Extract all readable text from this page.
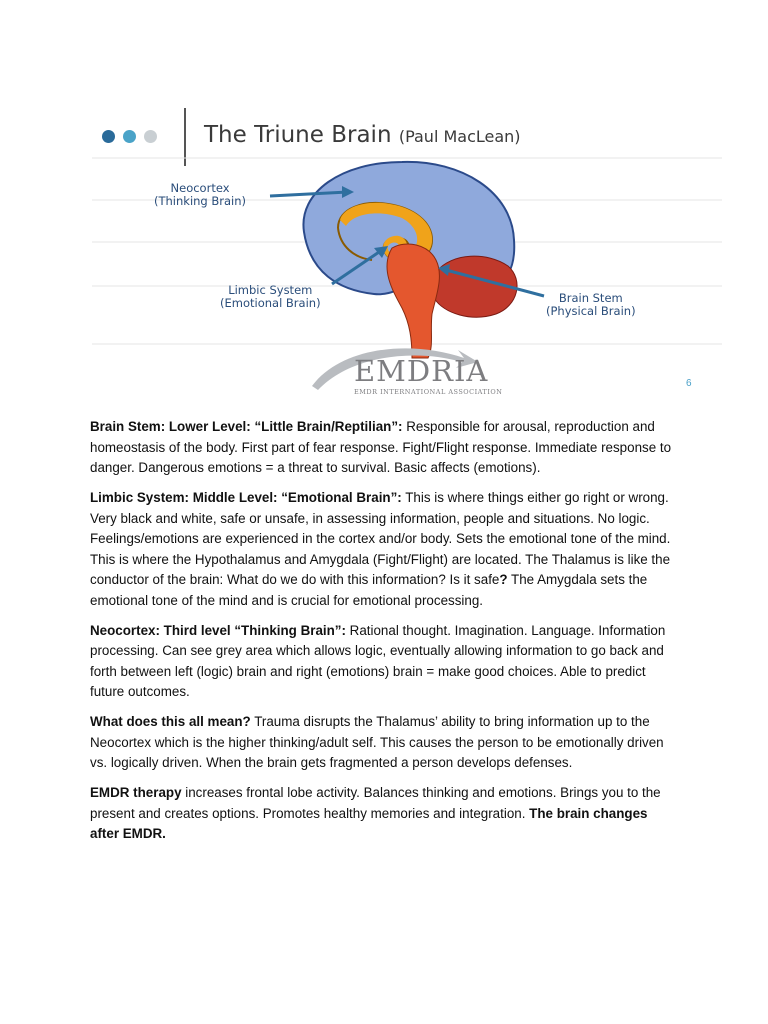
The Triune Brain (Paul MacLean)
Neocortex
(Thinking Brain)
Limbic System
(Emotional Brain)	Brain Stem
(Physical Brain)
EMDRIA
EMDR INTERNATIONAL ASSOCIATION
6

Brain Stem: Lower Level: “Little Brain/Reptilian”: Responsible for arousal, reproduction and homeostasis of the body. First part of fear response. Fight/Flight response. Immediate response to danger. Dangerous emotions = a threat to survival. Basic affects (emotions).

Limbic System: Middle Level: “Emotional Brain”: This is where things either go right or wrong. Very black and white, safe or unsafe, in assessing information, people and situations. No logic. Feelings/emotions are experienced in the cortex and/or body. Sets the emotional tone of the mind. This is where the Hypothalamus and Amygdala (Fight/Flight) are located. The Thalamus is like the conductor of the brain: What do we do with this information? Is it safe? The Amygdala sets the emotional tone of the mind and is crucial for emotional processing.

Neocortex: Third level “Thinking Brain”: Rational thought. Imagination. Language. Information processing. Can see grey area which allows logic, eventually allowing information to go back and forth between left (logic) brain and right (emotions) brain = make good choices. Able to predict future outcomes.

What does this all mean? Trauma disrupts the Thalamus’ ability to bring information up to the Neocortex which is the higher thinking/adult self. This causes the person to be emotionally driven vs. logically driven. When the brain gets fragmented a person develops defenses.

EMDR therapy increases frontal lobe activity. Balances thinking and emotions. Brings you to the present and creates options. Promotes healthy memories and integration. The brain changes after EMDR.
